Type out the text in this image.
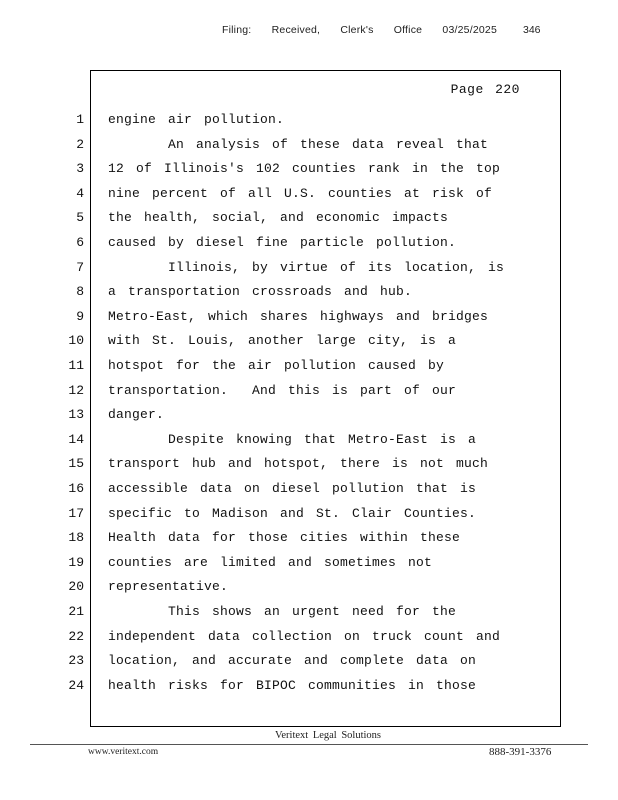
Filing:  Received,  Clerk's  Office  03/25/2025 346
Page 220
1 engine air pollution.
2 An analysis of these data reveal that
3 12 of Illinois's 102 counties rank in the top
4 nine percent of all U.S. counties at risk of
5 the health, social, and economic impacts
6 caused by diesel fine particle pollution.
7 Illinois, by virtue of its location, is
8 a transportation crossroads and hub.
9 Metro-East, which shares highways and bridges
10 with St. Louis, another large city, is a
11 hotspot for the air pollution caused by
12 transportation.  And this is part of our
13 danger.
14 Despite knowing that Metro-East is a
15 transport hub and hotspot, there is not much
16 accessible data on diesel pollution that is
17 specific to Madison and St. Clair Counties.
18 Health data for those cities within these
19 counties are limited and sometimes not
20 representative.
21 This shows an urgent need for the
22 independent data collection on truck count and
23 location, and accurate and complete data on
24 health risks for BIPOC communities in those
Veritext Legal Solutions
www.veritext.com	888-391-3376
